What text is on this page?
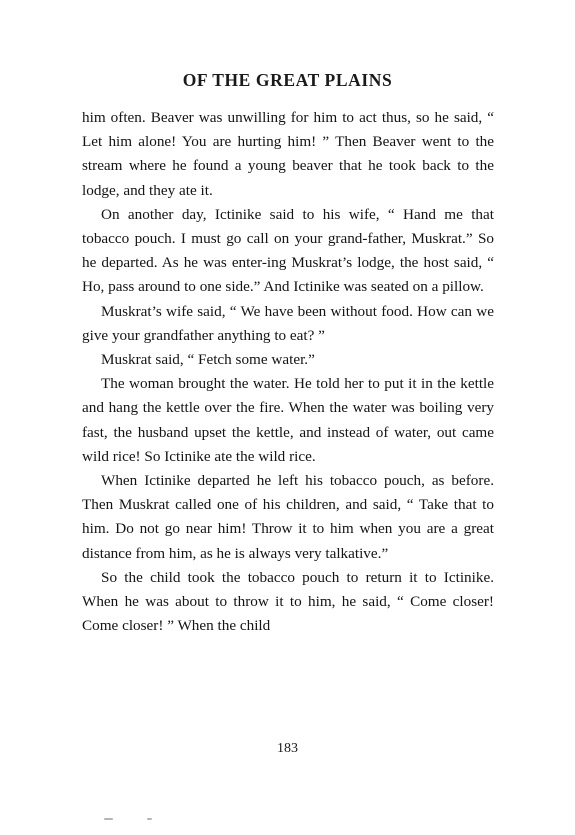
OF THE GREAT PLAINS

him often. Beaver was unwilling for him to act thus, so he said, “ Let him alone! You are hurting him! ” Then Beaver went to the stream where he found a young beaver that he took back to the lodge, and they ate it.

On another day, Ictinike said to his wife, “ Hand me that tobacco pouch. I must go call on your grand-father, Muskrat.” So he departed. As he was enter-ing Muskrat’s lodge, the host said, “ Ho, pass around to one side.” And Ictinike was seated on a pillow.

Muskrat’s wife said, “ We have been without food. How can we give your grandfather anything to eat? ”

Muskrat said, “ Fetch some water.”

The woman brought the water. He told her to put it in the kettle and hang the kettle over the fire. When the water was boiling very fast, the husband upset the kettle, and instead of water, out came wild rice! So Ictinike ate the wild rice.

When Ictinike departed he left his tobacco pouch, as before. Then Muskrat called one of his children, and said, “ Take that to him. Do not go near him! Throw it to him when you are a great distance from him, as he is always very talkative.”

So the child took the tobacco pouch to return it to Ictinike. When he was about to throw it to him, he said, “ Come closer! Come closer! ” When the child

183
